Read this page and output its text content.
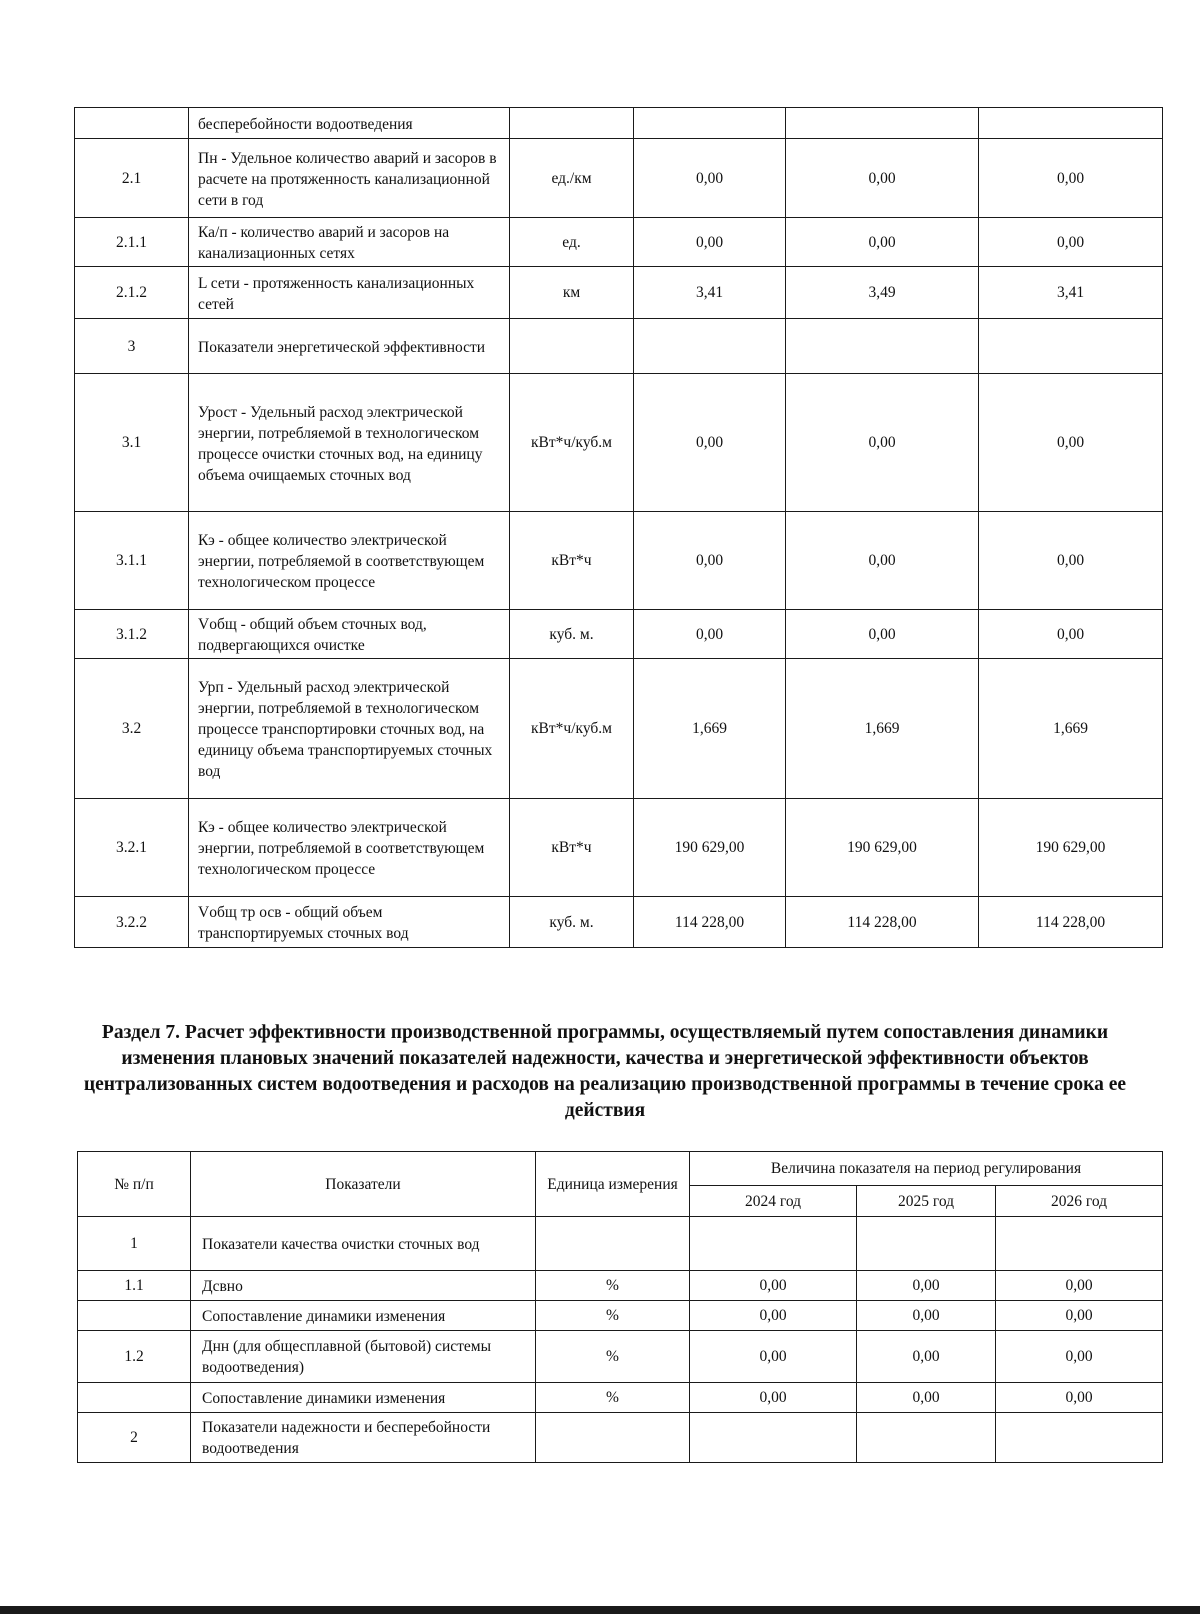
	бесперебойности водоотведения				
2.1	Пн - Удельное количество аварий и засоров в расчете на протяженность канализационной сети в год	ед./км	0,00	0,00	0,00
2.1.1	Ка/п - количество аварий и засоров на канализационных сетях	ед.	0,00	0,00	0,00
2.1.2	L сети - протяженность канализационных сетей	км	3,41	3,49	3,41
3	Показатели энергетической эффективности				
3.1	Урост - Удельный расход электрической энергии, потребляемой в технологическом процессе очистки сточных вод, на единицу объема очищаемых сточных вод	кВт*ч/куб.м	0,00	0,00	0,00
3.1.1	Кэ - общее количество электрической энергии, потребляемой в соответствующем технологическом процессе	кВт*ч	0,00	0,00	0,00
3.1.2	Vобщ - общий объем сточных вод, подвергающихся очистке	куб. м.	0,00	0,00	0,00
3.2	Урп - Удельный расход электрической энергии, потребляемой в технологическом процессе транспортировки сточных вод, на единицу объема транспортируемых сточных вод	кВт*ч/куб.м	1,669	1,669	1,669
3.2.1	Кэ - общее количество электрической энергии, потребляемой в соответствующем технологическом процессе	кВт*ч	190 629,00	190 629,00	190 629,00
3.2.2	Vобщ тр осв - общий объем транспортируемых сточных вод	куб. м.	114 228,00	114 228,00	114 228,00
Раздел 7. Расчет эффективности производственной программы, осуществляемый путем сопоставления динамики изменения плановых значений показателей надежности, качества и энергетической эффективности объектов централизованных систем водоотведения и расходов на реализацию производственной программы в течение срока ее действия
№ п/п	Показатели	Единица измерения	Величина показателя на период регулирования		
			2024 год	2025 год	2026 год
1	Показатели качества очистки сточных вод				
1.1	Дсвно	%	0,00	0,00	0,00
	Сопоставление динамики изменения	%	0,00	0,00	0,00
1.2	Днн (для общесплавной (бытовой) системы водоотведения)	%	0,00	0,00	0,00
	Сопоставление динамики изменения	%	0,00	0,00	0,00
2	Показатели надежности и бесперебойности водоотведения				
